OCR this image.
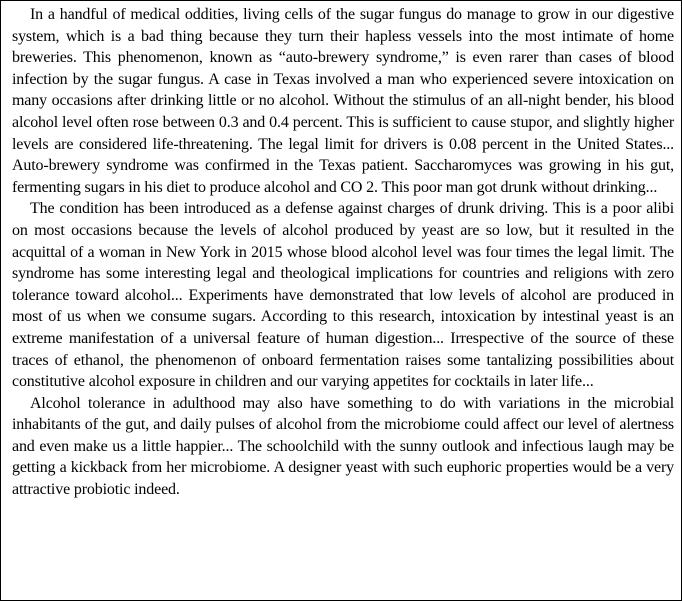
In a handful of medical oddities, living cells of the sugar fungus do manage to grow in our digestive system, which is a bad thing because they turn their hapless vessels into the most intimate of home breweries. This phenomenon, known as “auto-brewery syndrome,” is even rarer than cases of blood infection by the sugar fungus. A case in Texas involved a man who experienced severe intoxication on many occasions after drinking little or no alcohol. Without the stimulus of an all-night bender, his blood alcohol level often rose between 0.3 and 0.4 percent. This is sufficient to cause stupor, and slightly higher levels are considered life-threatening. The legal limit for drivers is 0.08 percent in the United States... Auto-brewery syndrome was confirmed in the Texas patient. Saccharomyces was growing in his gut, fermenting sugars in his diet to produce alcohol and CO 2. This poor man got drunk without drinking...

The condition has been introduced as a defense against charges of drunk driving. This is a poor alibi on most occasions because the levels of alcohol produced by yeast are so low, but it resulted in the acquittal of a woman in New York in 2015 whose blood alcohol level was four times the legal limit. The syndrome has some interesting legal and theological implications for countries and religions with zero tolerance toward alcohol... Experiments have demonstrated that low levels of alcohol are produced in most of us when we consume sugars. According to this research, intoxication by intestinal yeast is an extreme manifestation of a universal feature of human digestion... Irrespective of the source of these traces of ethanol, the phenomenon of onboard fermentation raises some tantalizing possibilities about constitutive alcohol exposure in children and our varying appetites for cocktails in later life...

Alcohol tolerance in adulthood may also have something to do with variations in the microbial inhabitants of the gut, and daily pulses of alcohol from the microbiome could affect our level of alertness and even make us a little happier... The schoolchild with the sunny outlook and infectious laugh may be getting a kickback from her microbiome. A designer yeast with such euphoric properties would be a very attractive probiotic indeed.
